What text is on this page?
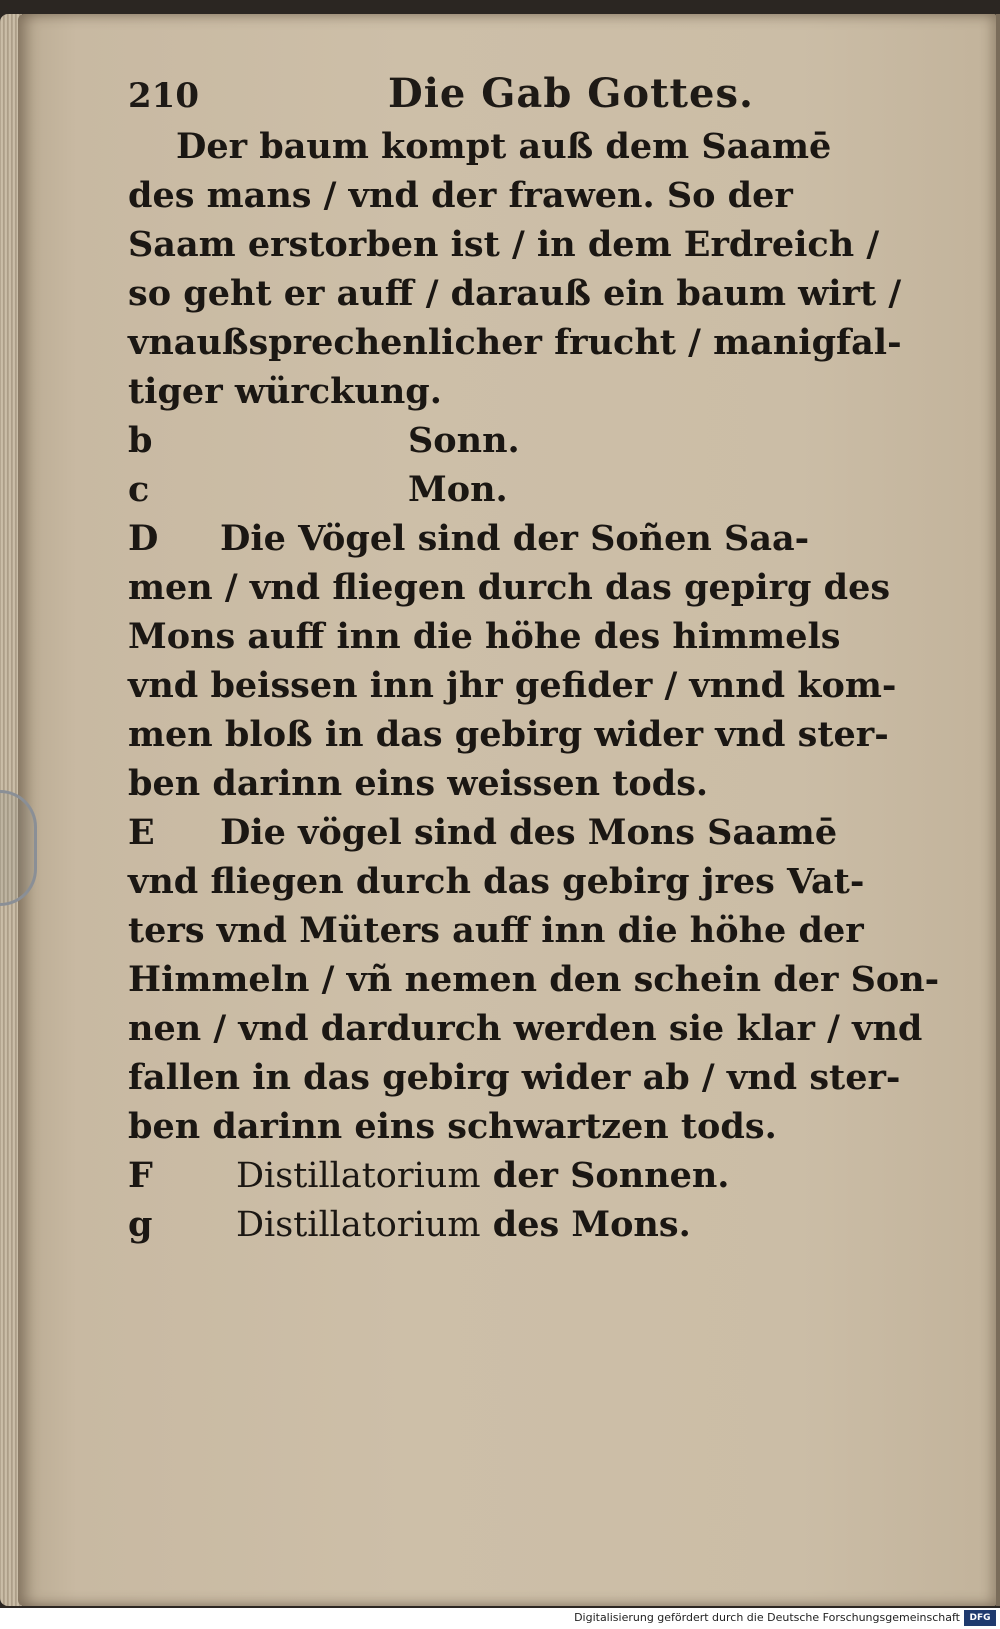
210	Die Gab Gottes.
Der baum kompt auß dem Saamē
des mans / vnd der frawen. So der
Saam erstorben ist / in dem Erdreich /
so geht er auff / darauß ein baum wirt /
vnaußsprechenlicher frucht / manigfal-
tiger würckung.
b	Sonn.
c	Mon.
D	Die Vögel sind der Soñen Saa-
men / vnd fliegen durch das gepirg des
Mons auff inn die höhe des himmels
vnd beissen inn jhr gefider / vnnd kom-
men bloß in das gebirg wider vnd ster-
ben darinn eins weissen tods.
E	Die vögel sind des Mons Saamē
vnd fliegen durch das gebirg jres Vat-
ters vnd Müters auff inn die höhe der
Himmeln / vñ nemen den schein der Son-
nen / vnd dardurch werden sie klar / vnd
fallen in das gebirg wider ab / vnd ster-
ben darinn eins schwartzen tods.
F	Distillatorium der Sonnen.
g	Distillatorium des Mons.
Digitalisierung gefördert durch die Deutsche Forschungsgemeinschaft	DFG
